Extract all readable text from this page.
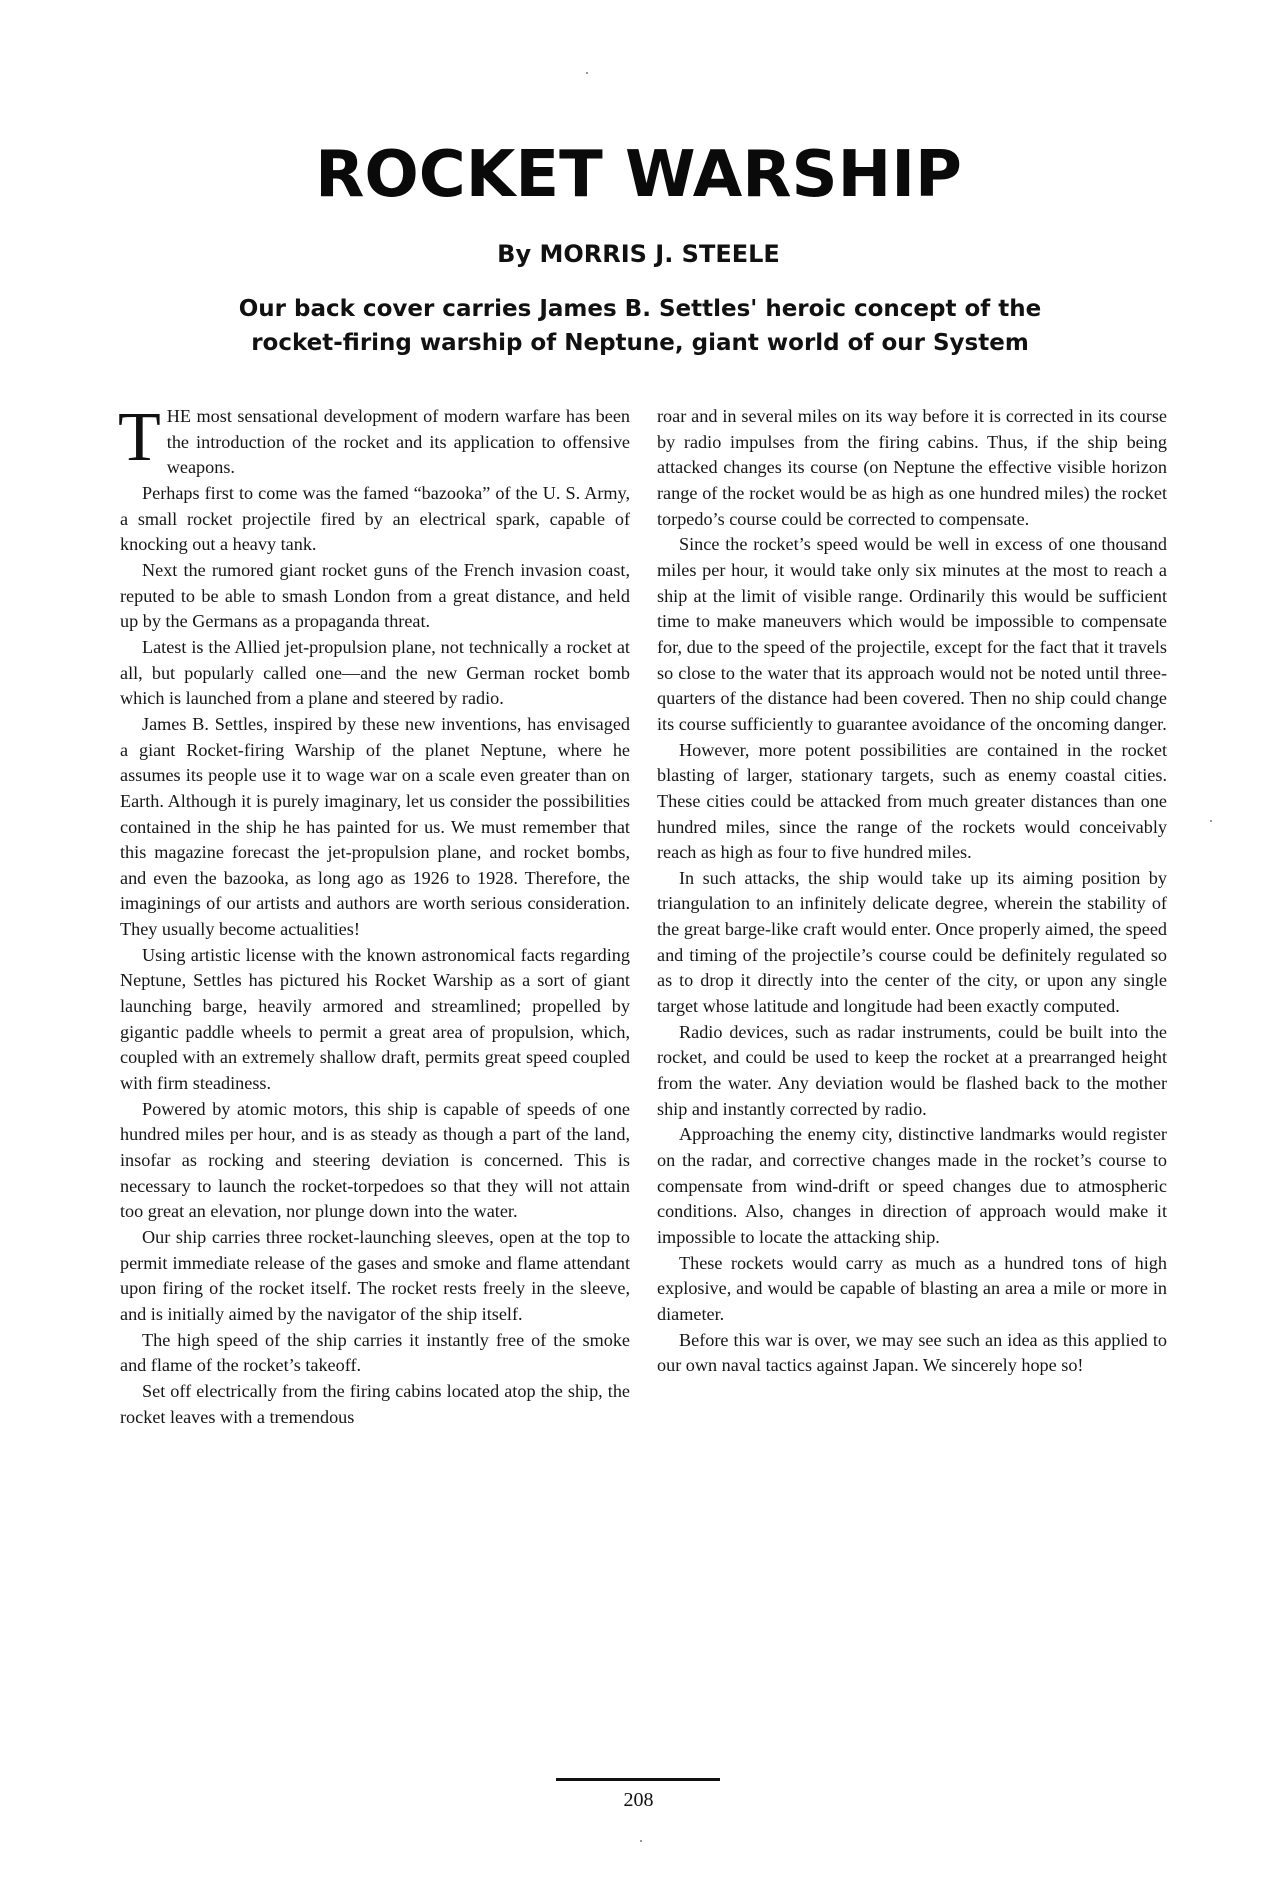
ROCKET WARSHIP
By MORRIS J. STEELE
Our back cover carries James B. Settles' heroic concept of the rocket-firing warship of Neptune, giant world of our System

THE most sensational development of modern warfare has been the introduction of the rocket and its application to offensive weapons.

Perhaps first to come was the famed “bazooka” of the U. S. Army, a small rocket projectile fired by an electrical spark, capable of knocking out a heavy tank.

Next the rumored giant rocket guns of the French invasion coast, reputed to be able to smash London from a great distance, and held up by the Germans as a propaganda threat.

Latest is the Allied jet-propulsion plane, not technically a rocket at all, but popularly called one—and the new German rocket bomb which is launched from a plane and steered by radio.

James B. Settles, inspired by these new inventions, has envisaged a giant Rocket-firing Warship of the planet Neptune, where he assumes its people use it to wage war on a scale even greater than on Earth. Although it is purely imaginary, let us consider the possibilities contained in the ship he has painted for us. We must remember that this magazine forecast the jet-propulsion plane, and rocket bombs, and even the bazooka, as long ago as 1926 to 1928. Therefore, the imaginings of our artists and authors are worth serious consideration. They usually become actualities!

Using artistic license with the known astronomical facts regarding Neptune, Settles has pictured his Rocket Warship as a sort of giant launching barge, heavily armored and streamlined; propelled by gigantic paddle wheels to permit a great area of propulsion, which, coupled with an extremely shallow draft, permits great speed coupled with firm steadiness.

Powered by atomic motors, this ship is capable of speeds of one hundred miles per hour, and is as steady as though a part of the land, insofar as rocking and steering deviation is concerned. This is necessary to launch the rocket-torpedoes so that they will not attain too great an elevation, nor plunge down into the water.

Our ship carries three rocket-launching sleeves, open at the top to permit immediate release of the gases and smoke and flame attendant upon firing of the rocket itself. The rocket rests freely in the sleeve, and is initially aimed by the navigator of the ship itself.

The high speed of the ship carries it instantly free of the smoke and flame of the rocket’s takeoff.

Set off electrically from the firing cabins located atop the ship, the rocket leaves with a tremendous

roar and in several miles on its way before it is corrected in its course by radio impulses from the firing cabins. Thus, if the ship being attacked changes its course (on Neptune the effective visible horizon range of the rocket would be as high as one hundred miles) the rocket torpedo’s course could be corrected to compensate.

Since the rocket’s speed would be well in excess of one thousand miles per hour, it would take only six minutes at the most to reach a ship at the limit of visible range. Ordinarily this would be sufficient time to make maneuvers which would be impossible to compensate for, due to the speed of the projectile, except for the fact that it travels so close to the water that its approach would not be noted until three-quarters of the distance had been covered. Then no ship could change its course sufficiently to guarantee avoidance of the oncoming danger.

However, more potent possibilities are contained in the rocket blasting of larger, stationary targets, such as enemy coastal cities. These cities could be attacked from much greater distances than one hundred miles, since the range of the rockets would conceivably reach as high as four to five hundred miles.

In such attacks, the ship would take up its aiming position by triangulation to an infinitely delicate degree, wherein the stability of the great barge-like craft would enter. Once properly aimed, the speed and timing of the projectile’s course could be definitely regulated so as to drop it directly into the center of the city, or upon any single target whose latitude and longitude had been exactly computed.

Radio devices, such as radar instruments, could be built into the rocket, and could be used to keep the rocket at a prearranged height from the water. Any deviation would be flashed back to the mother ship and instantly corrected by radio.

Approaching the enemy city, distinctive landmarks would register on the radar, and corrective changes made in the rocket’s course to compensate from wind-drift or speed changes due to atmospheric conditions. Also, changes in direction of approach would make it impossible to locate the attacking ship.

These rockets would carry as much as a hundred tons of high explosive, and would be capable of blasting an area a mile or more in diameter.

Before this war is over, we may see such an idea as this applied to our own naval tactics against Japan. We sincerely hope so!

208
